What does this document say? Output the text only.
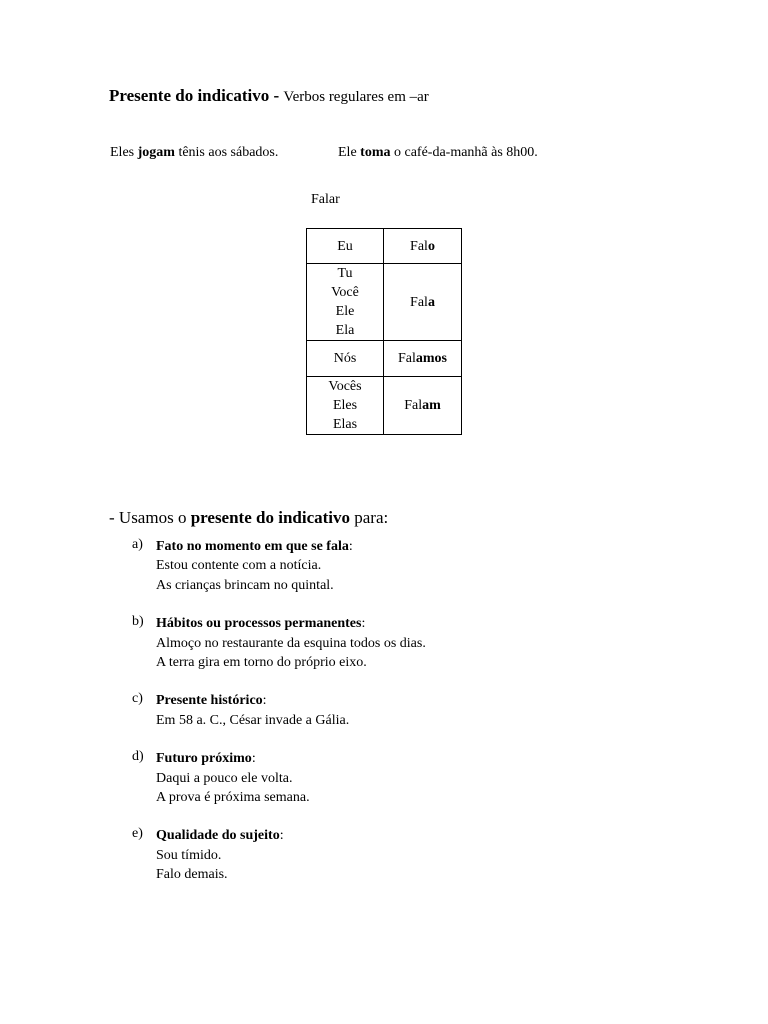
Presente do indicativo - Verbos regulares em –ar
Eles jogam tênis aos sábados.	Ele toma o café-da-manhã às 8h00.
Falar
Eu	Falo

Tu
Você
Ele
Ela	Fala

Nós	Falamos

Vocês
Eles
Elas	Falam
- Usamos o presente do indicativo para:
a) Fato no momento em que se fala:
Estou contente com a notícia.
As crianças brincam no quintal.
b) Hábitos ou processos permanentes:
Almoço no restaurante da esquina todos os dias.
A terra gira em torno do próprio eixo.
c) Presente histórico:
Em 58 a. C., César invade a Gália.
d) Futuro próximo:
Daqui a pouco ele volta.
A prova é próxima semana.
e) Qualidade do sujeito:
Sou tímido.
Falo demais.
